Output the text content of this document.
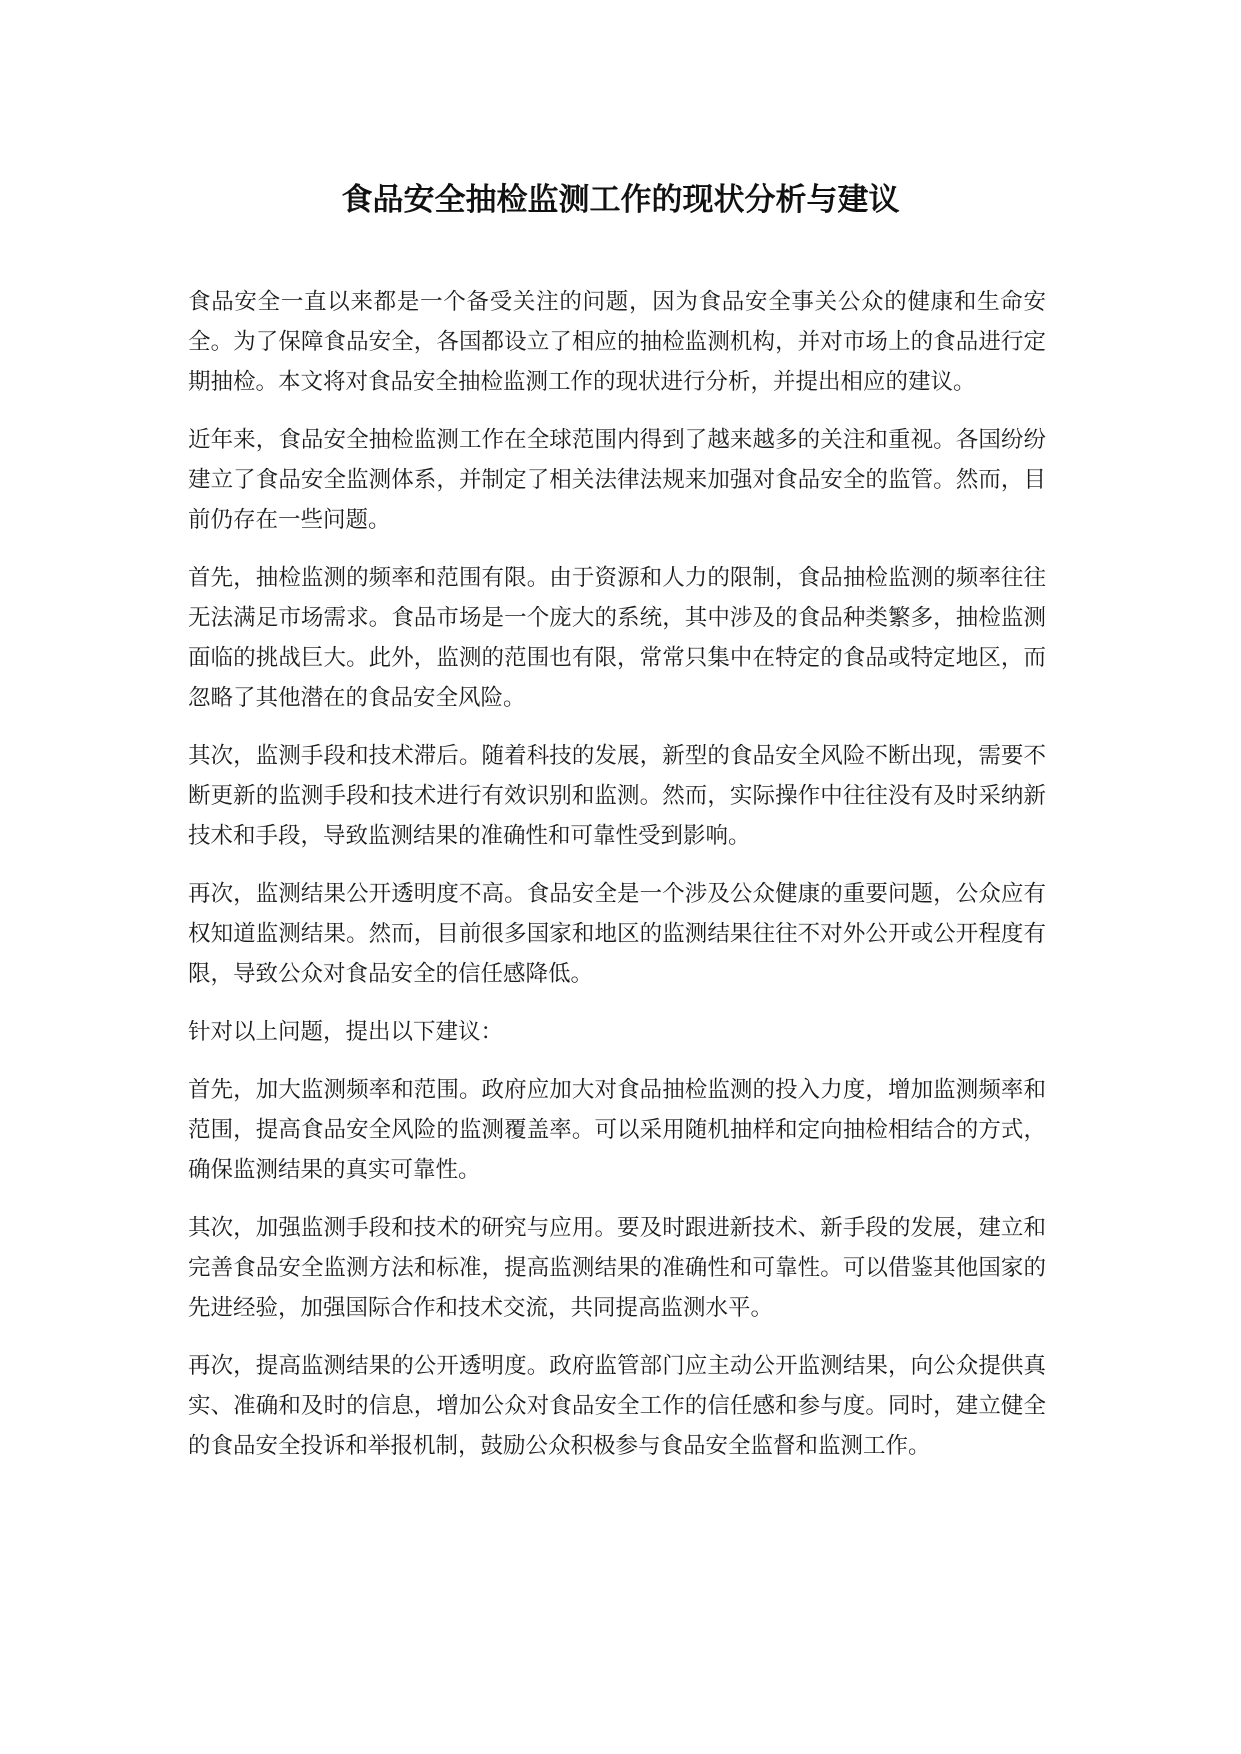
食品安全抽检监测工作的现状分析与建议

食品安全一直以来都是一个备受关注的问题，因为食品安全事关公众的健康和生命安全。为了保障食品安全，各国都设立了相应的抽检监测机构，并对市场上的食品进行定期抽检。本文将对食品安全抽检监测工作的现状进行分析，并提出相应的建议。

近年来，食品安全抽检监测工作在全球范围内得到了越来越多的关注和重视。各国纷纷建立了食品安全监测体系，并制定了相关法律法规来加强对食品安全的监管。然而，目前仍存在一些问题。

首先，抽检监测的频率和范围有限。由于资源和人力的限制，食品抽检监测的频率往往无法满足市场需求。食品市场是一个庞大的系统，其中涉及的食品种类繁多，抽检监测面临的挑战巨大。此外，监测的范围也有限，常常只集中在特定的食品或特定地区，而忽略了其他潜在的食品安全风险。

其次，监测手段和技术滞后。随着科技的发展，新型的食品安全风险不断出现，需要不断更新的监测手段和技术进行有效识别和监测。然而，实际操作中往往没有及时采纳新技术和手段，导致监测结果的准确性和可靠性受到影响。

再次，监测结果公开透明度不高。食品安全是一个涉及公众健康的重要问题，公众应有权知道监测结果。然而，目前很多国家和地区的监测结果往往不对外公开或公开程度有限，导致公众对食品安全的信任感降低。

针对以上问题，提出以下建议：

首先，加大监测频率和范围。政府应加大对食品抽检监测的投入力度，增加监测频率和范围，提高食品安全风险的监测覆盖率。可以采用随机抽样和定向抽检相结合的方式，确保监测结果的真实可靠性。

其次，加强监测手段和技术的研究与应用。要及时跟进新技术、新手段的发展，建立和完善食品安全监测方法和标准，提高监测结果的准确性和可靠性。可以借鉴其他国家的先进经验，加强国际合作和技术交流，共同提高监测水平。

再次，提高监测结果的公开透明度。政府监管部门应主动公开监测结果，向公众提供真实、准确和及时的信息，增加公众对食品安全工作的信任感和参与度。同时，建立健全的食品安全投诉和举报机制，鼓励公众积极参与食品安全监督和监测工作。
